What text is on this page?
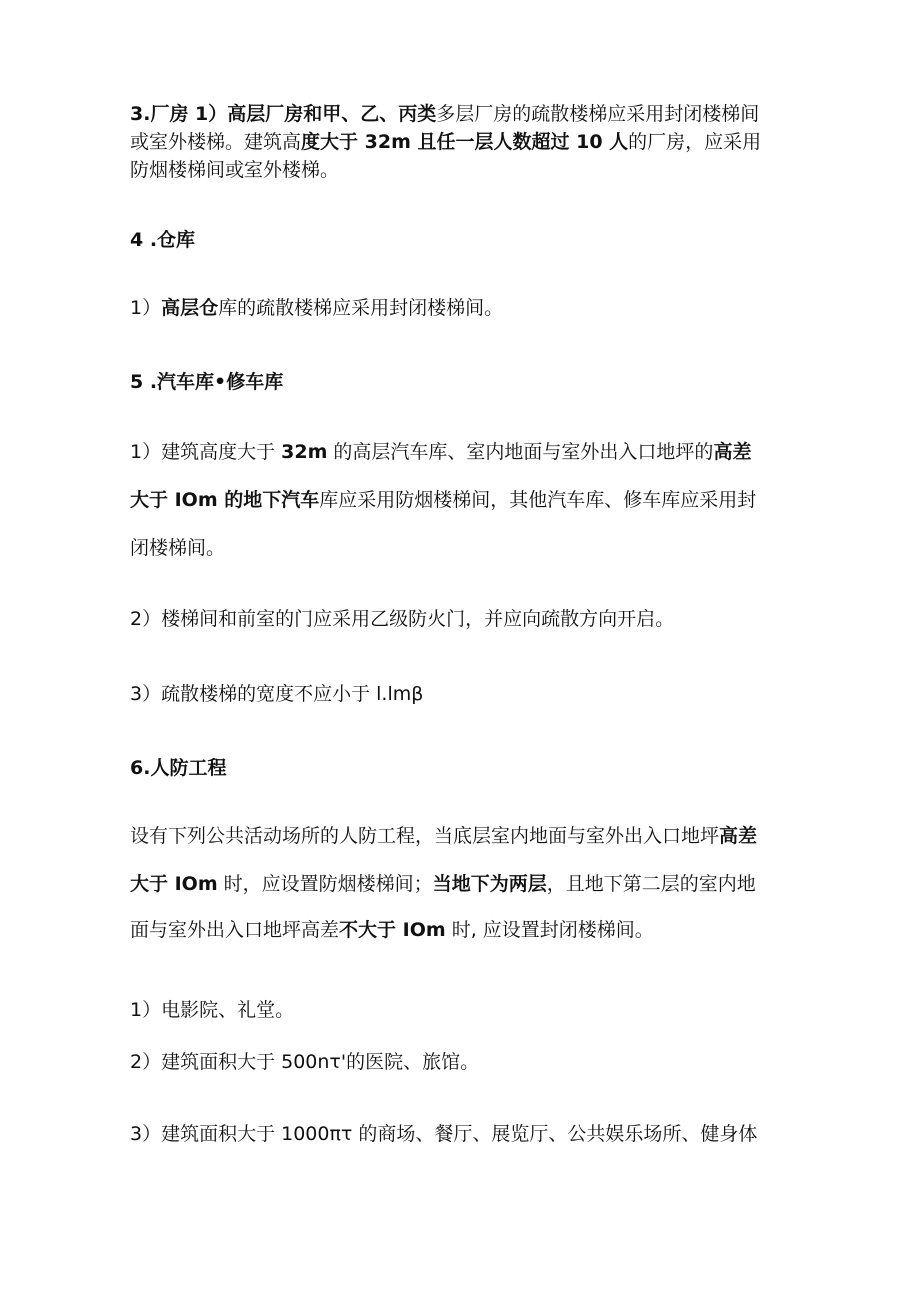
3.厂房 1）高层厂房和甲、乙、丙类多层厂房的疏散楼梯应采用封闭楼梯间
或室外楼梯。建筑高度大于 32m 且任一层人数超过 10 人的厂房，应采用
防烟楼梯间或室外楼梯。
4 .仓库
1）高层仓库的疏散楼梯应采用封闭楼梯间。
5 .汽车库•修车库
1）建筑高度大于 32m 的高层汽车库、室内地面与室外出入口地坪的高差
大于 IOm 的地下汽车库应采用防烟楼梯间，其他汽车库、修车库应采用封
闭楼梯间。
2）楼梯间和前室的门应采用乙级防火门，并应向疏散方向开启。
3）疏散楼梯的宽度不应小于 l.lmβ
6.人防工程
设有下列公共活动场所的人防工程，当底层室内地面与室外出入口地坪高差
大于 IOm 时，应设置防烟楼梯间；当地下为两层，且地下第二层的室内地
面与室外出入口地坪高差不大于 IOm 时, 应设置封闭楼梯间。
1）电影院、礼堂。
2）建筑面积大于 500nτ'的医院、旅馆。
3）建筑面积大于 1000πτ 的商场、餐厅、展览厅、公共娱乐场所、健身体
